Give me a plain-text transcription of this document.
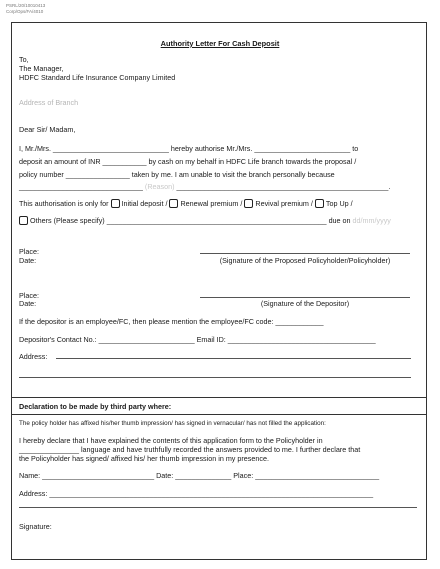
PSRL/20/10010413
Corp/Ops/FA/4010
Authority Letter For Cash Deposit
To,
The Manager,
HDFC Standard Life Insurance Company Limited
Address of Branch
Dear Sir/ Madam,
I, Mr./Mrs. _____________________________ hereby authorise Mr./Mrs. ________________________ to
deposit an amount of INR ___________ by cash on my behalf in HDFC Life branch towards the proposal /
policy number ________________ taken by me. I am unable to visit the branch personally because
_______________________________ (Reason) _____________________________________________________.
This authorisation is only for Initial deposit / Renewal premium / Revival premium / Top Up /
Others (Please specify) _______________________________________________________ due on dd/mm/yyyy
Place:
Date:	(Signature of the Proposed Policyholder/Policyholder)
Place:
Date:	(Signature of the Depositor)
If the depositor is an employee/FC, then please mention the employee/FC code: ____________
Depositor's Contact No.: ________________________ Email ID: _____________________________________
Address:
Declaration to be made by third party where:
The policy holder has affixed his/her thumb impression/ has signed in vernacular/ has not filled the application:
I hereby declare that I have explained the contents of this application form to the Policyholder in
_______________ language and have truthfully recorded the answers provided to me. I further declare that
the Policyholder has signed/ affixed his/ her thumb impression in my presence.
Name: ____________________________ Date: ______________ Place: _______________________________
Address: _________________________________________________________________________________
Signature:
